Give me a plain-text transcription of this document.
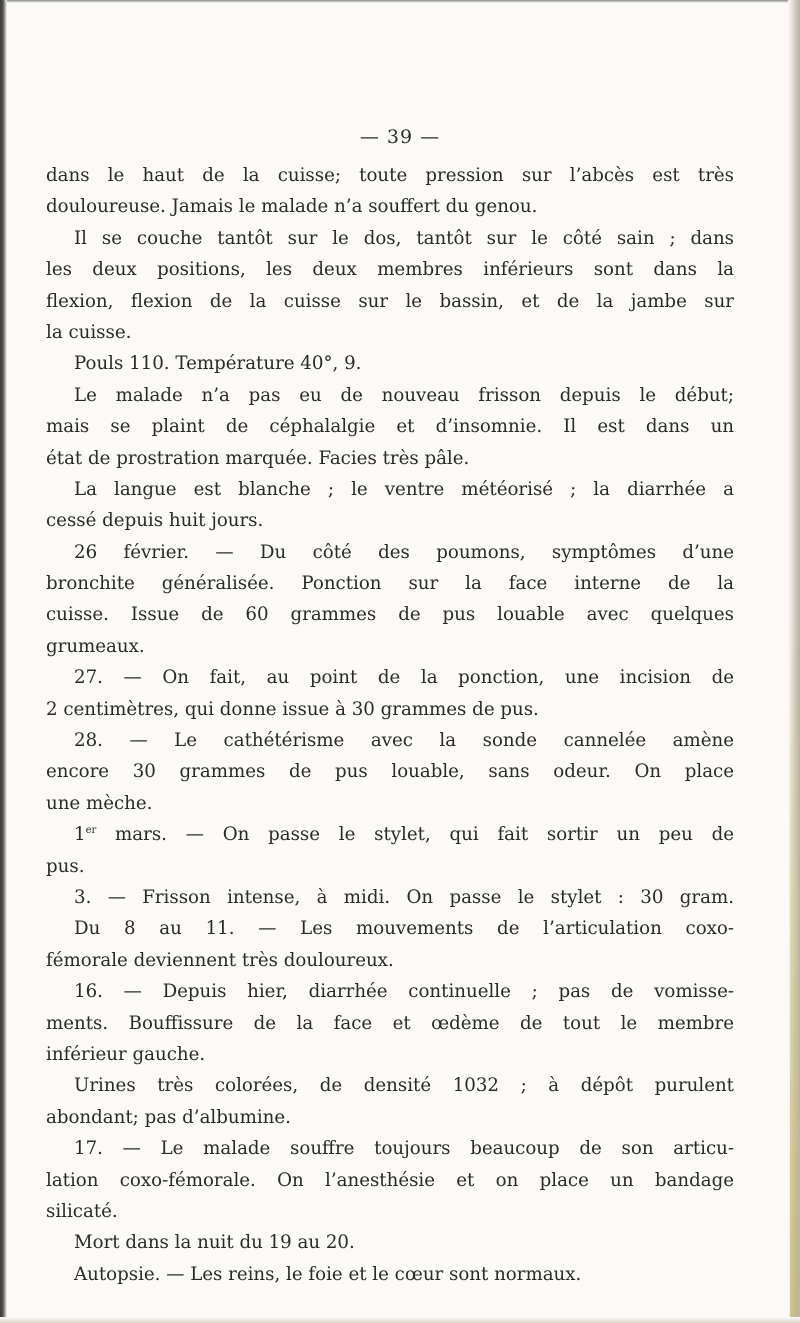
— 39 —
dans le haut de la cuisse; toute pression sur l’abcès est très
douloureuse. Jamais le malade n’a souffert du genou.
Il se couche tantôt sur le dos, tantôt sur le côté sain ; dans
les deux positions, les deux membres inférieurs sont dans la
flexion, flexion de la cuisse sur le bassin, et de la jambe sur
la cuisse.
Pouls 110. Température 40°, 9.
Le malade n’a pas eu de nouveau frisson depuis le début;
mais se plaint de céphalalgie et d’insomnie. Il est dans un
état de prostration marquée. Facies très pâle.
La langue est blanche ; le ventre météorisé ; la diarrhée a
cessé depuis huit jours.
26 février. — Du côté des poumons, symptômes d’une
bronchite généralisée. Ponction sur la face interne de la
cuisse. Issue de 60 grammes de pus louable avec quelques
grumeaux.
27. — On fait, au point de la ponction, une incision de
2 centimètres, qui donne issue à 30 grammes de pus.
28. — Le cathétérisme avec la sonde cannelée amène
encore 30 grammes de pus louable, sans odeur. On place
une mèche.
1er mars. — On passe le stylet, qui fait sortir un peu de
pus.
3. — Frisson intense, à midi. On passe le stylet : 30 gram.
Du 8 au 11. — Les mouvements de l’articulation coxo-
fémorale deviennent très douloureux.
16. — Depuis hier, diarrhée continuelle ; pas de vomisse-
ments. Bouffissure de la face et œdème de tout le membre
inférieur gauche.
Urines très colorées, de densité 1032 ; à dépôt purulent
abondant; pas d’albumine.
17. — Le malade souffre toujours beaucoup de son articu-
lation coxo-fémorale. On l’anesthésie et on place un bandage
silicaté.
Mort dans la nuit du 19 au 20.
Autopsie. — Les reins, le foie et le cœur sont normaux.
